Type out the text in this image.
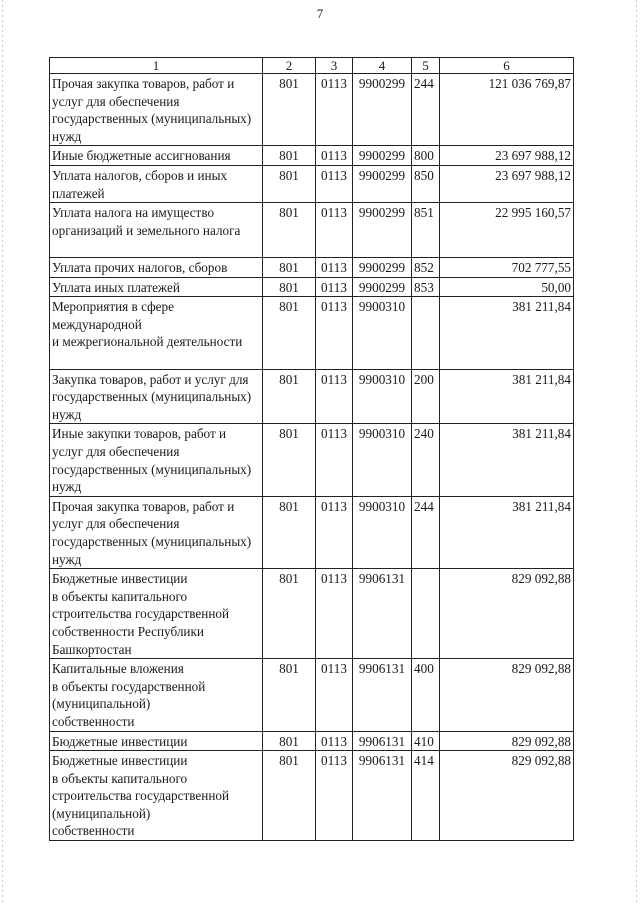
7
1	2	3	4	5	6
Прочая закупка товаров, работ и услуг для обеспечения государственных (муниципальных) нужд	801	0113	9900299	244	121 036 769,87
Иные бюджетные ассигнования	801	0113	9900299	800	23 697 988,12
Уплата налогов, сборов и иных платежей	801	0113	9900299	850	23 697 988,12
Уплата налога на имущество организаций и земельного налога	801	0113	9900299	851	22 995 160,57
Уплата прочих налогов, сборов	801	0113	9900299	852	702 777,55
Уплата иных платежей	801	0113	9900299	853	50,00
Мероприятия в сфере международной
и межрегиональной деятельности	801	0113	9900310		381 211,84
Закупка товаров, работ и услуг для государственных (муниципальных) нужд	801	0113	9900310	200	381 211,84
Иные закупки товаров, работ и услуг для обеспечения государственных (муниципальных) нужд	801	0113	9900310	240	381 211,84
Прочая закупка товаров, работ и услуг для обеспечения государственных (муниципальных) нужд	801	0113	9900310	244	381 211,84
Бюджетные инвестиции
в объекты капитального строительства государственной собственности Республики Башкортостан	801	0113	9906131		829 092,88
Капитальные вложения
в объекты государственной (муниципальной)
собственности	801	0113	9906131	400	829 092,88
Бюджетные инвестиции	801	0113	9906131	410	829 092,88
Бюджетные инвестиции
в объекты капитального строительства государственной (муниципальной)
собственности	801	0113	9906131	414	829 092,88
